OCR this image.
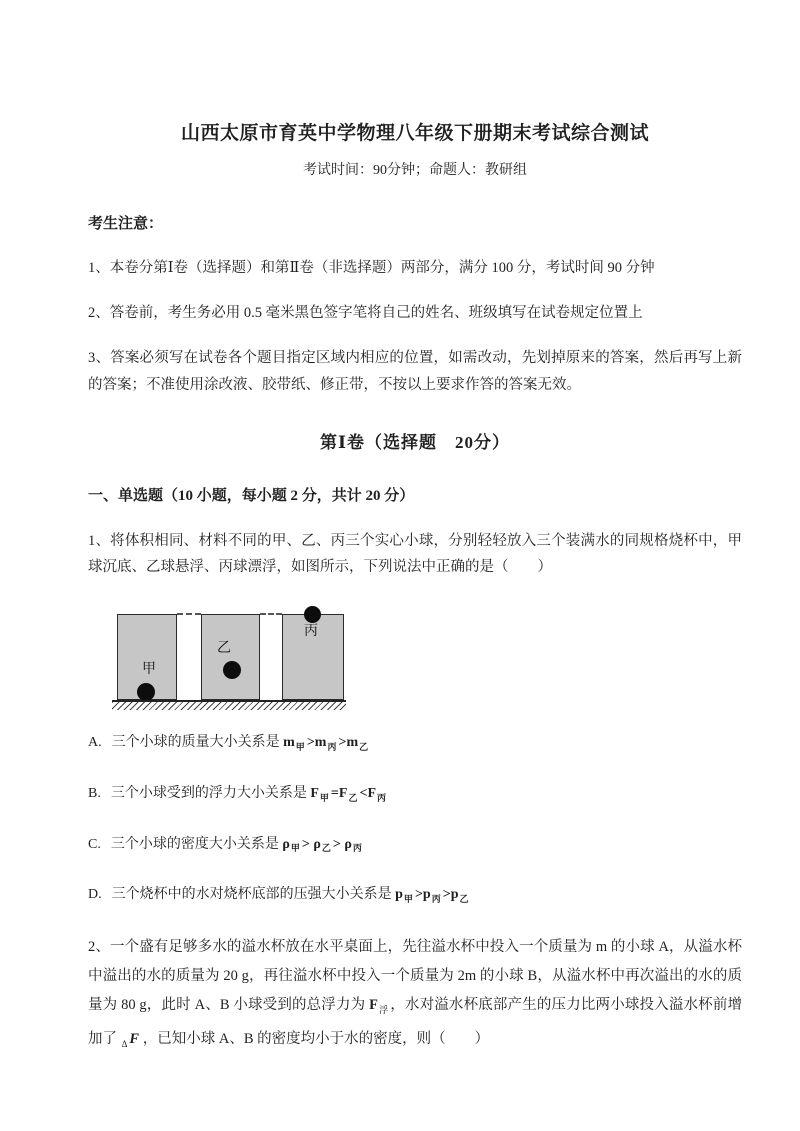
山西太原市育英中学物理八年级下册期末考试综合测试
考试时间：90分钟；命题人：教研组
考生注意：
1、本卷分第Ⅰ卷（选择题）和第Ⅱ卷（非选择题）两部分，满分 100 分，考试时间 90 分钟
2、答卷前，考生务必用 0.5 毫米黑色签字笔将自己的姓名、班级填写在试卷规定位置上
3、答案必须写在试卷各个题目指定区域内相应的位置，如需改动，先划掉原来的答案，然后再写上新的答案；不准使用涂改液、胶带纸、修正带，不按以上要求作答的答案无效。
第Ⅰ卷（选择题　20分）
一、单选题（10 小题，每小题 2 分，共计 20 分）
1、将体积相同、材料不同的甲、乙、丙三个实心小球，分别轻轻放入三个装满水的同规格烧杯中，甲球沉底、乙球悬浮、丙球漂浮，如图所示，下列说法中正确的是（　　）
甲
乙
丙
A. 三个小球的质量大小关系是 $m_甲 >m_丙 >m_乙$
B. 三个小球受到的浮力大小关系是 $F_甲 =F_乙 <F_丙$
C. 三个小球的密度大小关系是 $\rho_甲 > \rho_乙 > \rho_丙$
D. 三个烧杯中的水对烧杯底部的压强大小关系是 $p_甲 >p_丙 >p_乙$
2、一个盛有足够多水的溢水杯放在水平桌面上，先往溢水杯中投入一个质量为 m 的小球 A，从溢水杯中溢出的水的质量为 20 g，再往溢水杯中投入一个质量为 2m 的小球 B，从溢水杯中再次溢出的水的质量为 80 g，此时 A、B 小球受到的总浮力为 $F_浮$ ，水对溢水杯底部产生的压力比两小球投入溢水杯前增加了 $_\Delta$ F ，已知小球 A、B 的密度均小于水的密度，则（　　）
